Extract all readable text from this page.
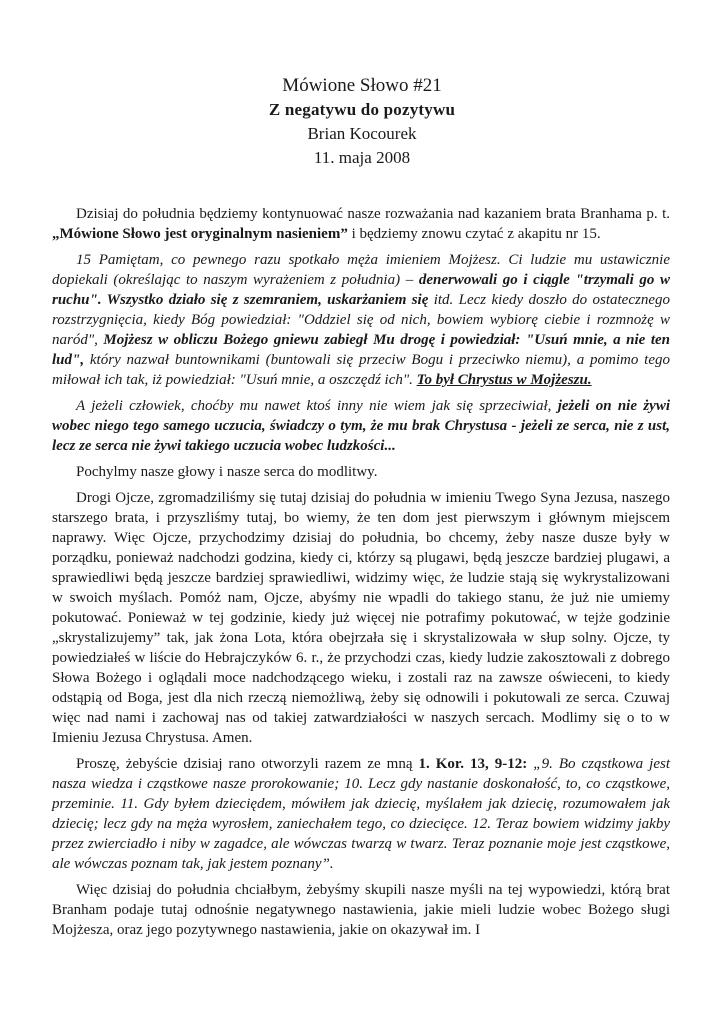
Mówione Słowo #21
Z negatywu do pozytywu
Brian Kocourek
11. maja 2008

Dzisiaj do południa będziemy kontynuować nasze rozważania nad kazaniem brata Branhama p. t. „Mówione Słowo jest oryginalnym nasieniem” i będziemy znowu czytać z akapitu nr 15.

15 Pamiętam, co pewnego razu spotkało męża imieniem Mojżesz. Ci ludzie mu ustawicznie dopiekali (określając to naszym wyrażeniem z południa) – denerwowali go i ciągle "trzymali go w ruchu". Wszystko działo się z szemraniem, uskarżaniem się itd. Lecz kiedy doszło do ostatecznego rozstrzygnięcia, kiedy Bóg powiedział: "Oddziel się od nich, bowiem wybiorę ciebie i rozmnożę w naród", Mojżesz w obliczu Bożego gniewu zabiegł Mu drogę i powiedział: "Usuń mnie, a nie ten lud", który nazwał buntownikami (buntowali się przeciw Bogu i przeciwko niemu), a pomimo tego miłował ich tak, iż powiedział: "Usuń mnie, a oszczędź ich". To był Chrystus w Mojżeszu.

A jeżeli człowiek, choćby mu nawet ktoś inny nie wiem jak się sprzeciwiał, jeżeli on nie żywi wobec niego tego samego uczucia, świadczy o tym, że mu brak Chrystusa - jeżeli ze serca, nie z ust, lecz ze serca nie żywi takiego uczucia wobec ludzkości...

Pochylmy nasze głowy i nasze serca do modlitwy.

Drogi Ojcze, zgromadziliśmy się tutaj dzisiaj do południa w imieniu Twego Syna Jezusa, naszego starszego brata, i przyszliśmy tutaj, bo wiemy, że ten dom jest pierwszym i głównym miejscem naprawy. Więc Ojcze, przychodzimy dzisiaj do południa, bo chcemy, żeby nasze dusze były w porządku, ponieważ nadchodzi godzina, kiedy ci, którzy są plugawi, będą jeszcze bardziej plugawi, a sprawiedliwi będą jeszcze bardziej sprawiedliwi, widzimy więc, że ludzie stają się wykrystalizowani w swoich myślach. Pomóż nam, Ojcze, abyśmy nie wpadli do takiego stanu, że już nie umiemy pokutować. Ponieważ w tej godzinie, kiedy już więcej nie potrafimy pokutować, w tejże godzinie „skrystalizujemy” tak, jak żona Lota, która obejrzała się i skrystalizowała w słup solny. Ojcze, ty powiedziałeś w liście do Hebrajczyków 6. r., że przychodzi czas, kiedy ludzie zakosztowali z dobrego Słowa Bożego i oglądali moce nadchodzącego wieku, i zostali raz na zawsze oświeceni, to kiedy odstąpią od Boga, jest dla nich rzeczą niemożliwą, żeby się odnowili i pokutowali ze serca. Czuwaj więc nad nami i zachowaj nas od takiej zatwardziałości w naszych sercach. Modlimy się o to w Imieniu Jezusa Chrystusa. Amen.

Proszę, żebyście dzisiaj rano otworzyli razem ze mną 1. Kor. 13, 9-12: „9. Bo cząstkowa jest nasza wiedza i cząstkowe nasze prorokowanie; 10. Lecz gdy nastanie doskonałość, to, co cząstkowe, przeminie. 11. Gdy byłem dzieciędem, mówiłem jak dziecię, myślałem jak dziecię, rozumowałem jak dziecię; lecz gdy na męża wyrosłem, zaniechałem tego, co dziecięce. 12. Teraz bowiem widzimy jakby przez zwierciadło i niby w zagadce, ale wówczas twarzą w twarz. Teraz poznanie moje jest cząstkowe, ale wówczas poznam tak, jak jestem poznany”.

Więc dzisiaj do południa chciałbym, żebyśmy skupili nasze myśli na tej wypowiedzi, którą brat Branham podaje tutaj odnośnie negatywnego nastawienia, jakie mieli ludzie wobec Bożego sługi Mojżesza, oraz jego pozytywnego nastawienia, jakie on okazywał im. I
